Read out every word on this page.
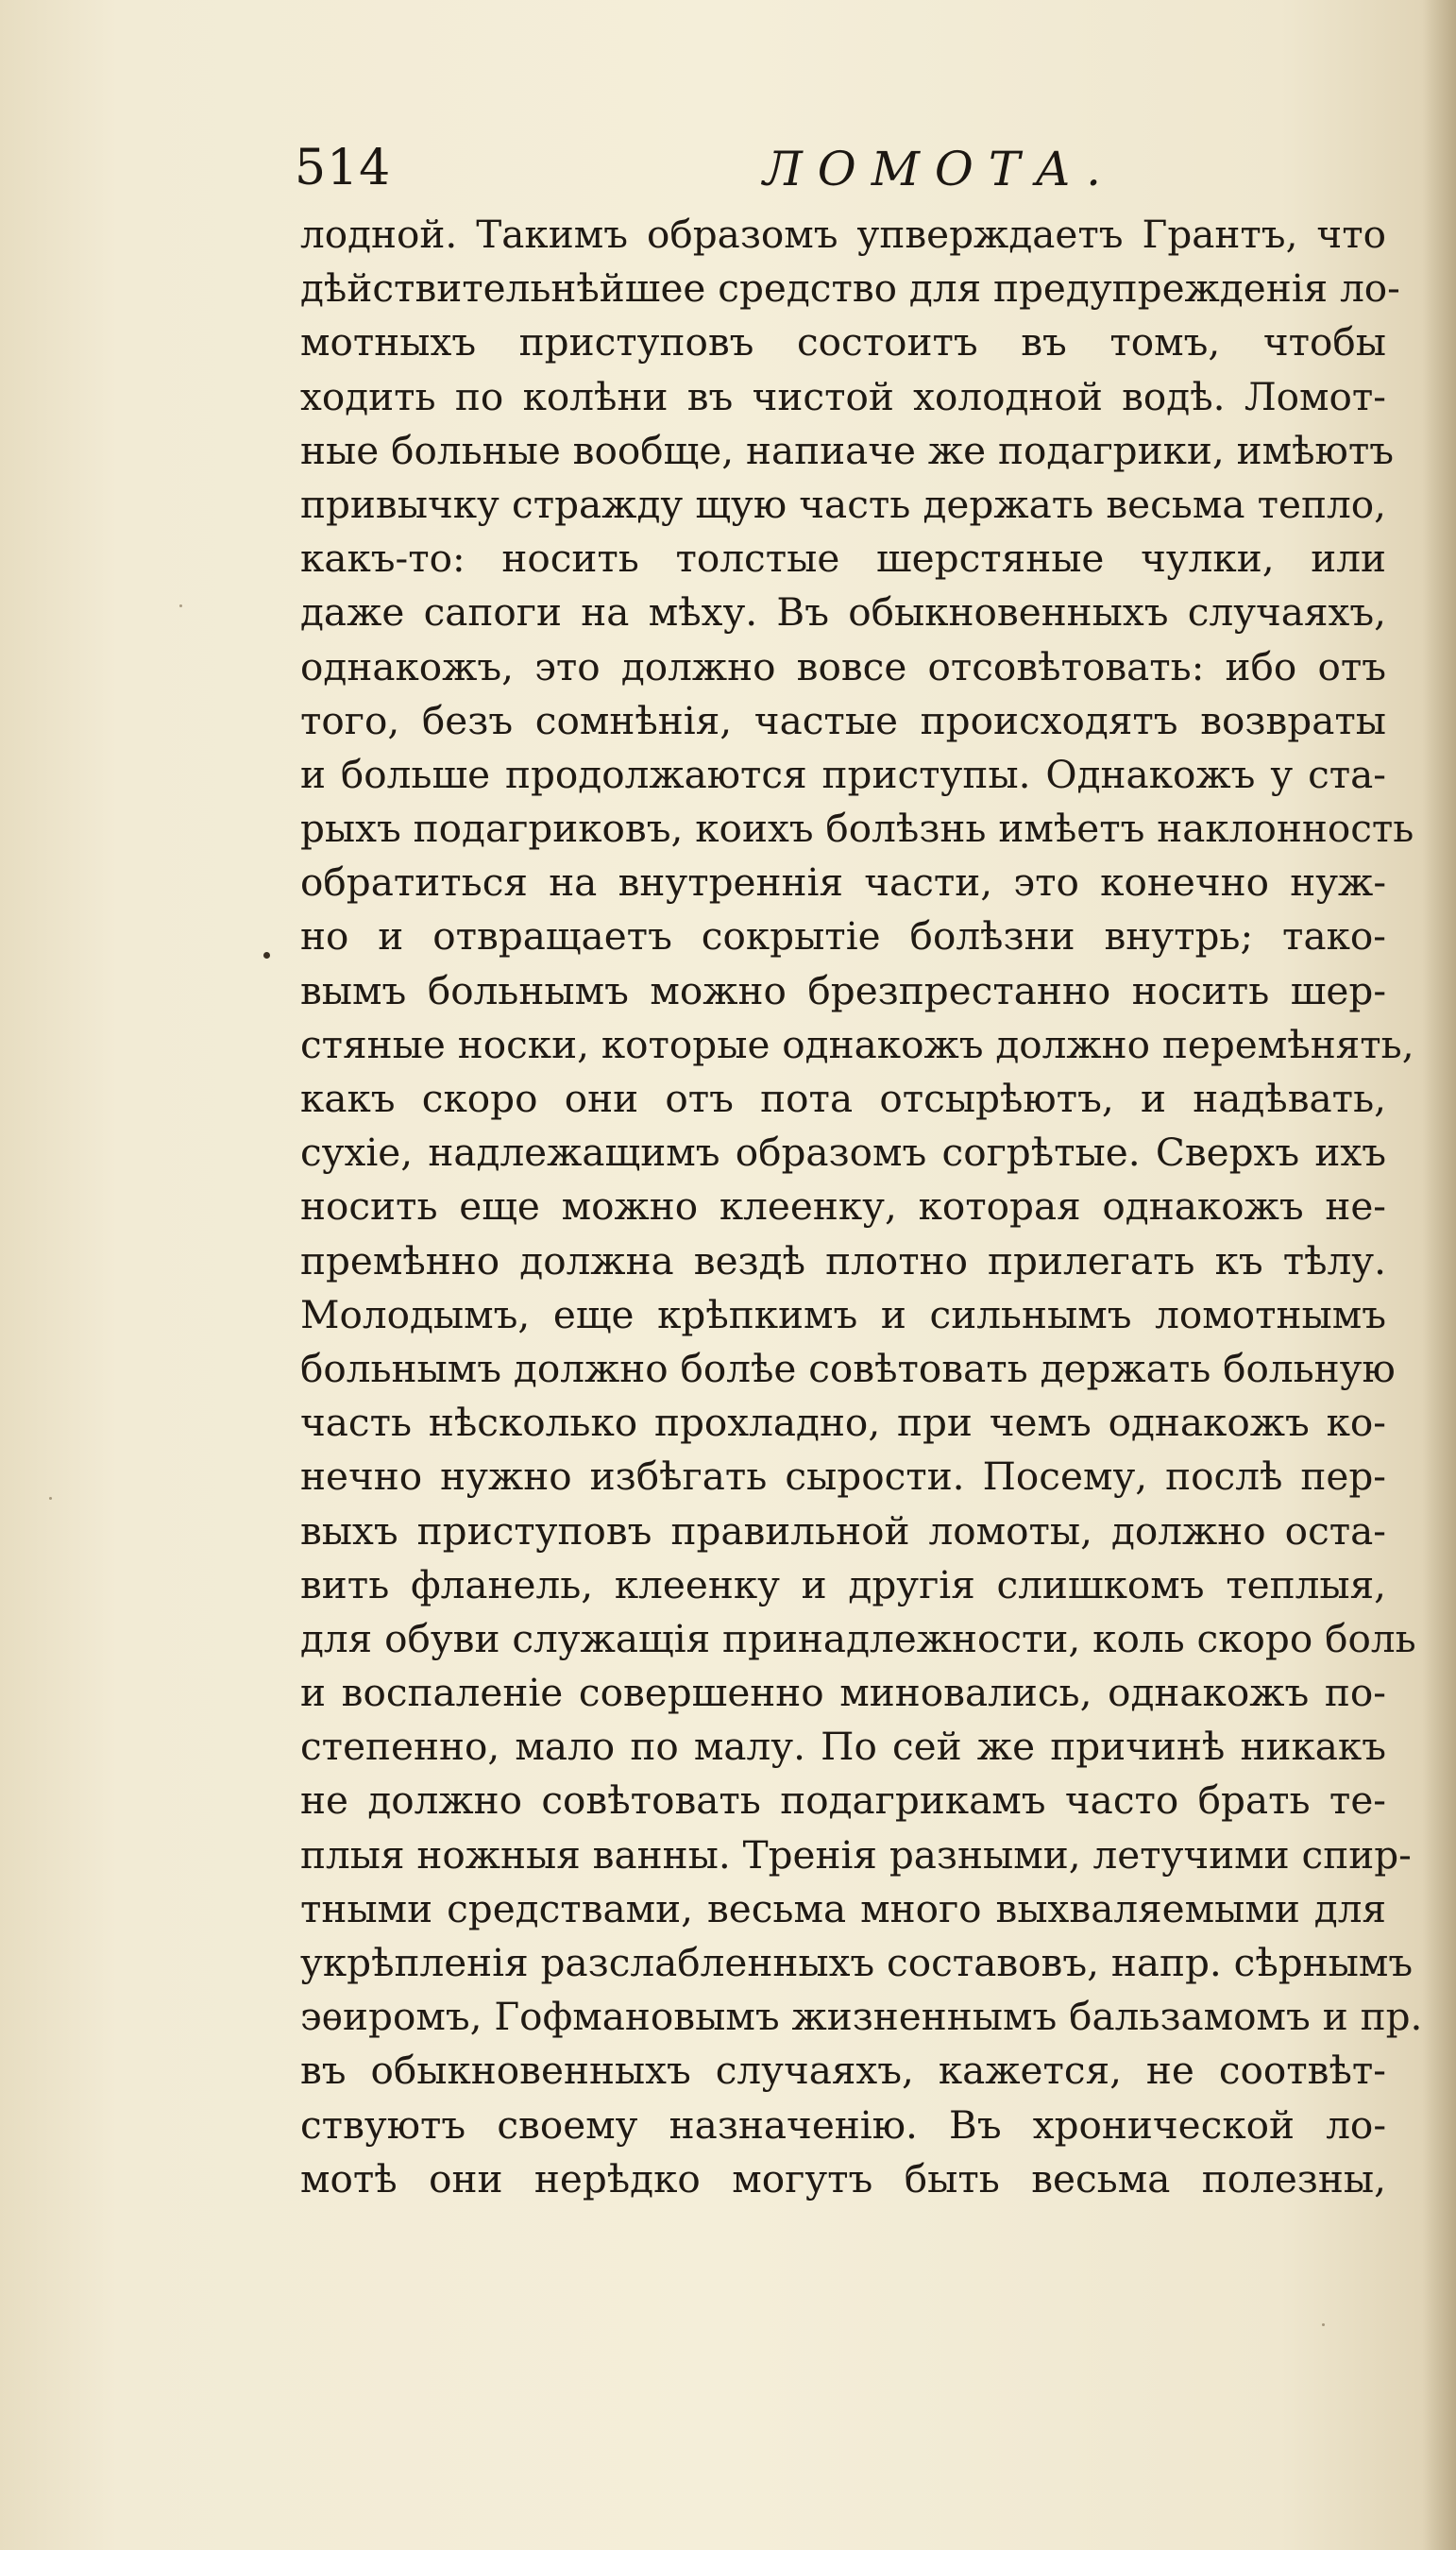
514	ЛОМОТА.
лодной. Такимъ образомъ упверждаетъ Грантъ, что
дѣйствительнѣйшее средство для предупрежденія ло-
мотныхъ приступовъ состоитъ въ томъ, чтобы
ходить по колѣни въ чистой холодной водѣ. Ломот-
ные больные вообще, напиаче же подагрики, имѣютъ
привычку стражду щую часть держать весьма тепло,
какъ-то: носить толстые шерстяные чулки, или
даже сапоги на мѣху. Въ обыкновенныхъ случаяхъ,
однакожъ, это должно вовсе отсовѣтовать: ибо отъ
того, безъ сомнѣнія, частые происходятъ возвраты
и больше продолжаются приступы. Однакожъ у ста-
рыхъ подагриковъ, коихъ болѣзнь имѣетъ наклонность
обратиться на внутреннія части, это конечно нуж-
но и отвращаетъ сокрытіе болѣзни внутрь; тако-
вымъ больнымъ можно брезпрестанно носить шер-
стяные носки, которые однакожъ должно перемѣнять,
какъ скоро они отъ пота отсырѣютъ, и надѣвать,
сухіе, надлежащимъ образомъ согрѣтые. Сверхъ ихъ
носить еще можно клеенку, которая однакожъ не-
премѣнно должна вездѣ плотно прилегать къ тѣлу.
Молодымъ, еще крѣпкимъ и сильнымъ ломотнымъ
больнымъ должно болѣе совѣтовать держать больную
часть нѣсколько прохладно, при чемъ однакожъ ко-
нечно нужно избѣгать сырости. Посему, послѣ пер-
выхъ приступовъ правильной ломоты, должно оста-
вить фланель, клеенку и другія слишкомъ теплыя,
для обуви служащія принадлежности, коль скоро боль
и воспаленіе совершенно миновались, однакожъ по-
степенно, мало по малу. По сей же причинѣ никакъ
не должно совѣтовать подагрикамъ часто брать те-
плыя ножныя ванны. Тренія разными, летучими спир-
тными средствами, весьма много выхваляемыми для
укрѣпленія разслабленныхъ составовъ, напр. сѣрнымъ
эѳиромъ, Гофмановымъ жизненнымъ бальзамомъ и пр.
въ обыкновенныхъ случаяхъ, кажется, не соотвѣт-
ствуютъ своему назначенію. Въ хронической ло-
мотѣ они нерѣдко могутъ быть весьма полезны,
